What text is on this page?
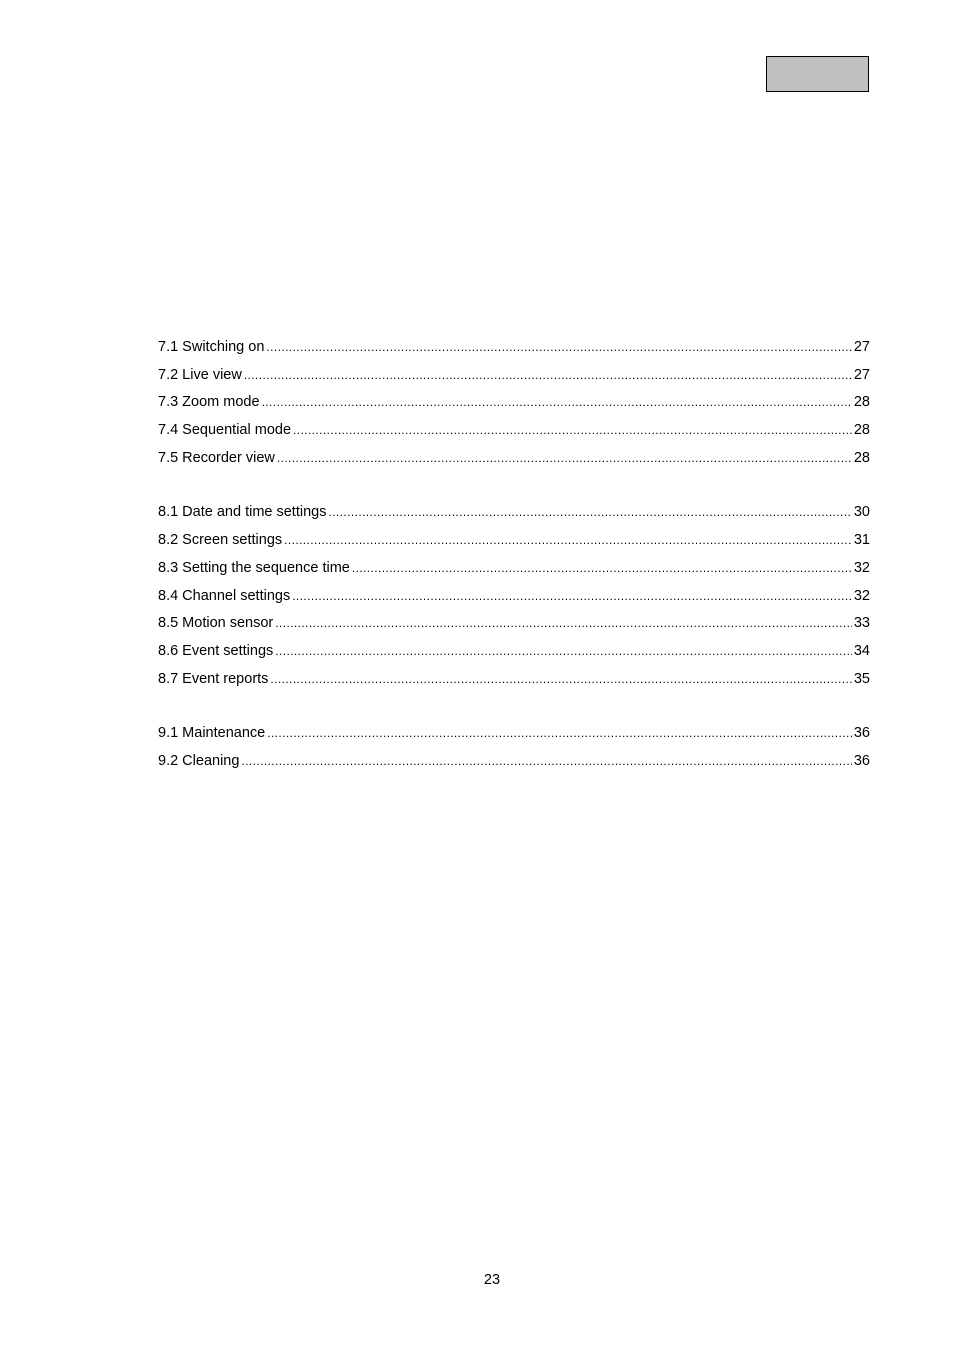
7.1 Switching on .....	27
7.2 Live view .....	27
7.3 Zoom mode .....	28
7.4 Sequential mode .....	28
7.5 Recorder view .....	28
8.1 Date and time settings .....	30
8.2 Screen settings .....	31
8.3 Setting the sequence time .....	32
8.4 Channel settings .....	32
8.5 Motion sensor .....	33
8.6 Event settings .....	34
8.7 Event reports .....	35
9.1 Maintenance .....	36
9.2 Cleaning .....	36
23
